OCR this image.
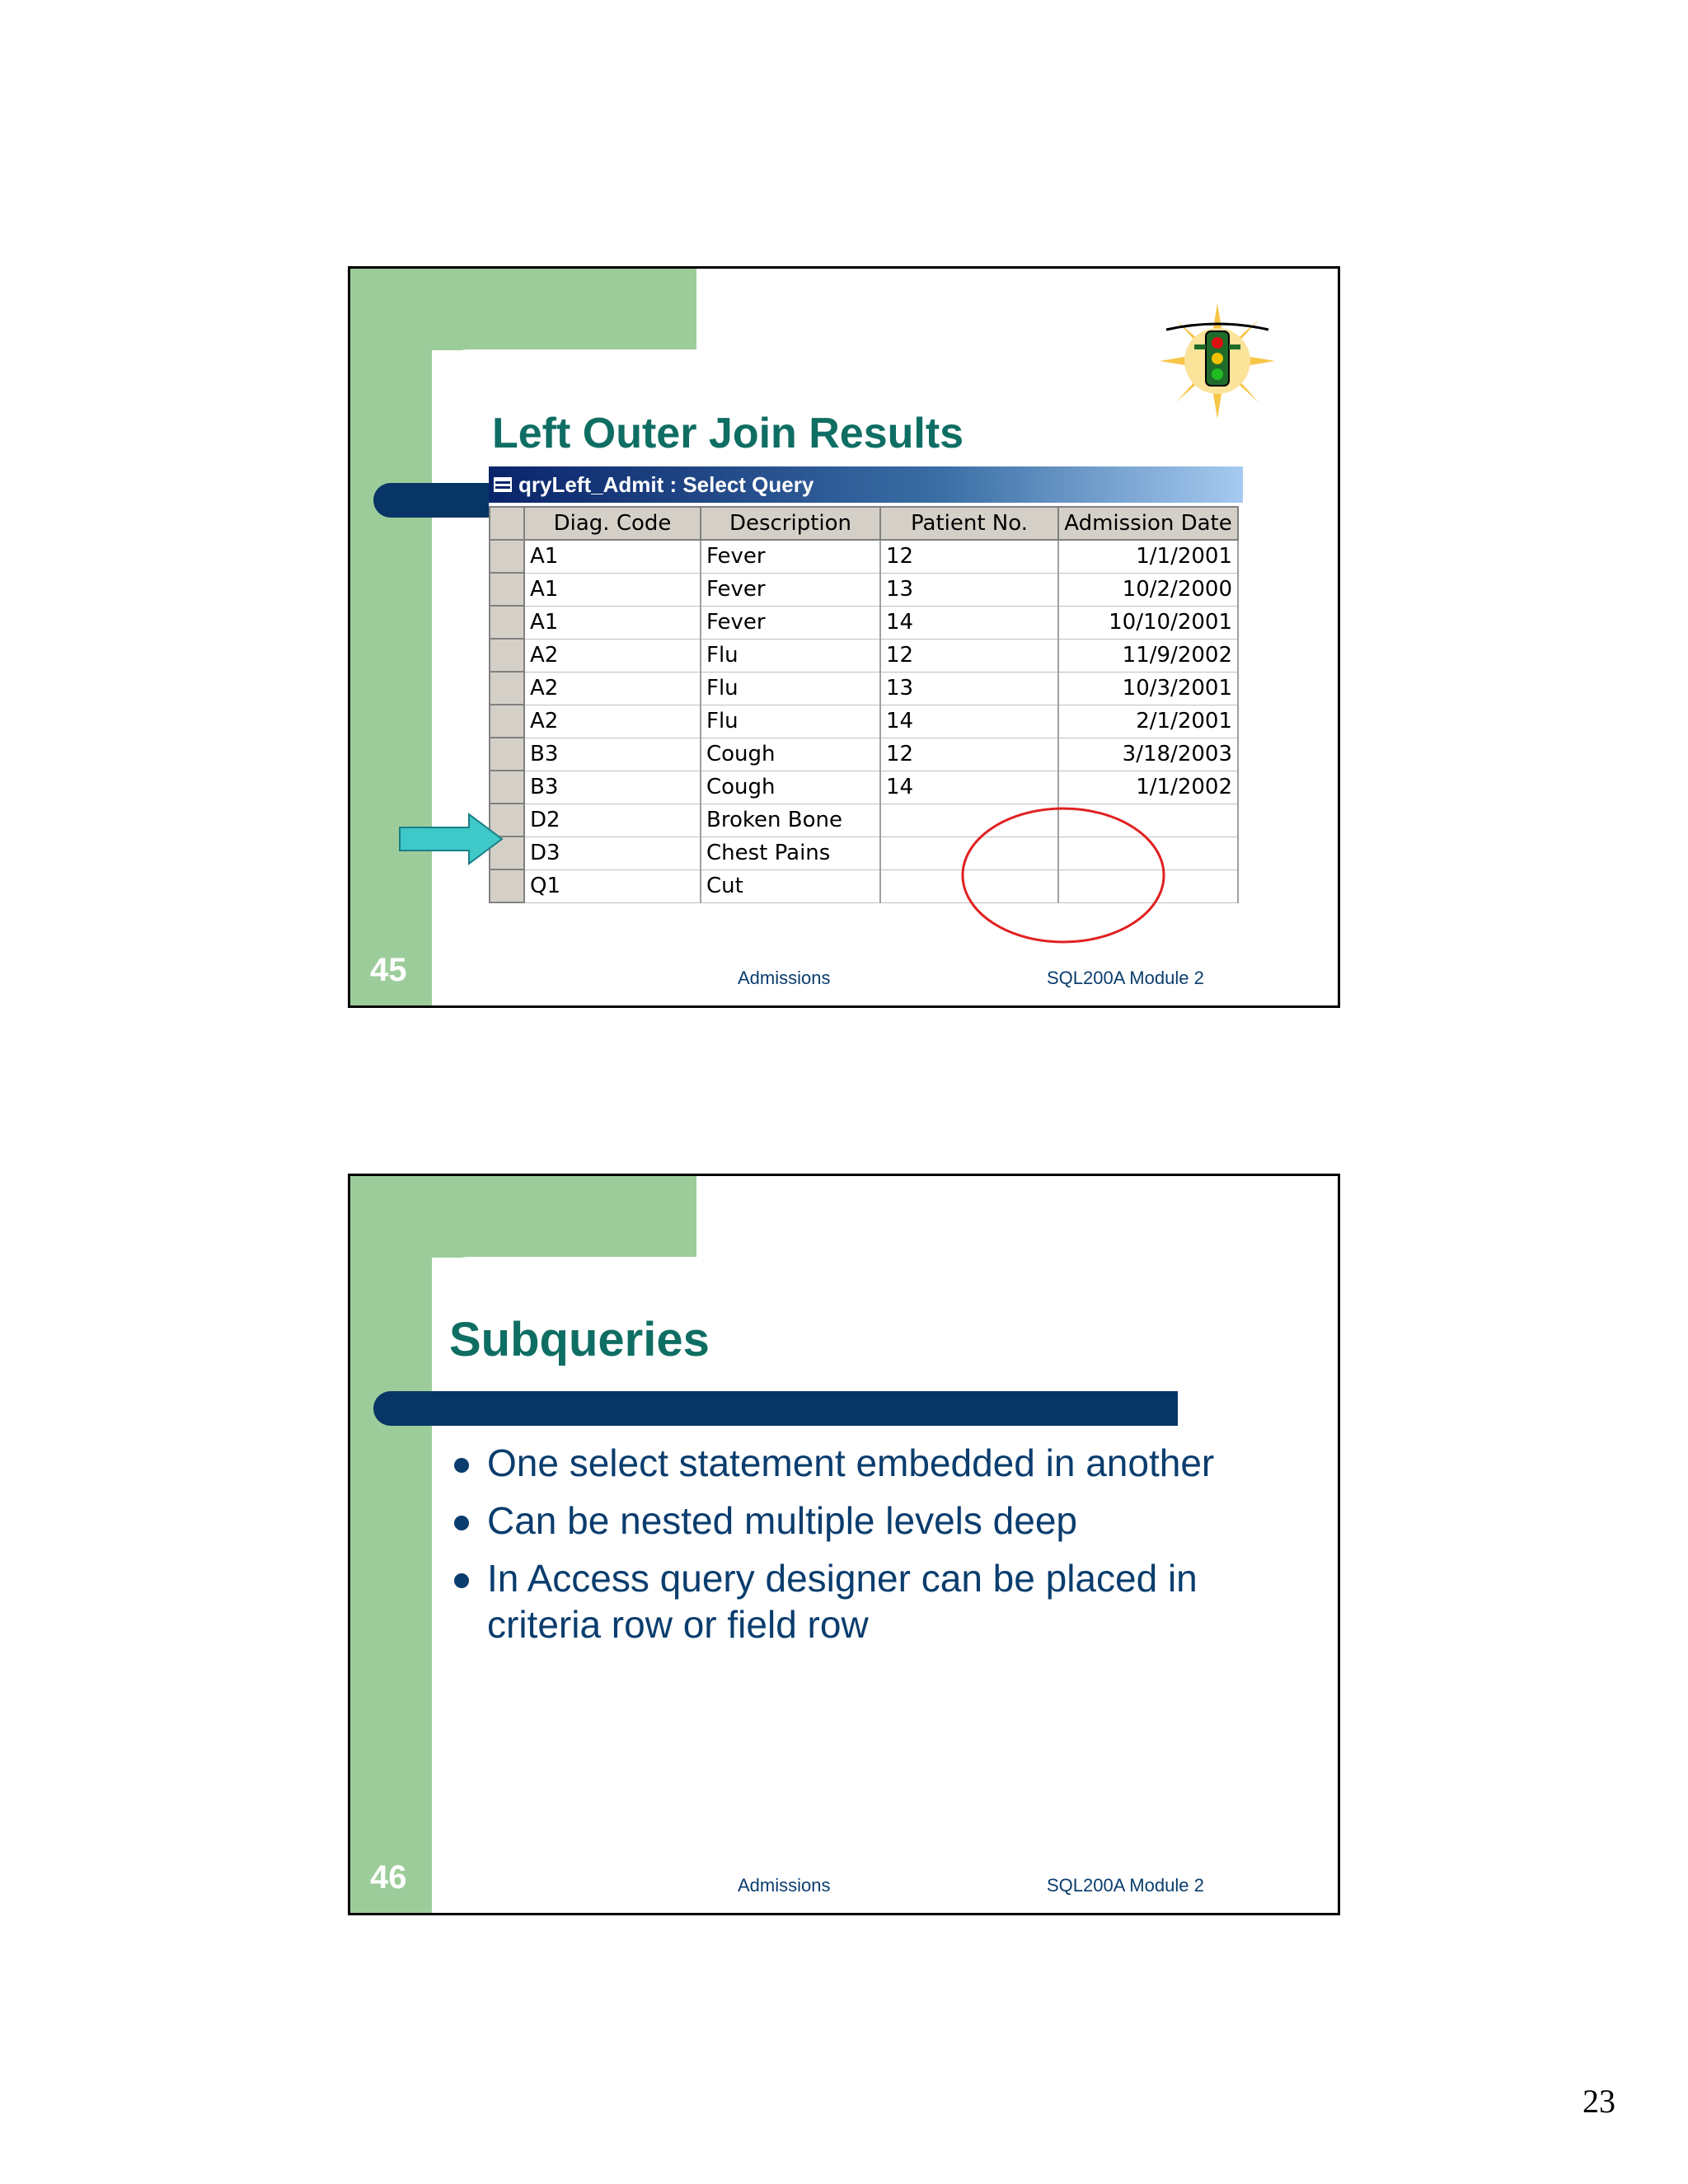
Left Outer Join Results
qryLeft_Admit : Select Query
	Diag. Code	Description	Patient No.	Admission Date
	A1	Fever	12	1/1/2001
	A1	Fever	13	10/2/2000
	A1	Fever	14	10/10/2001
	A2	Flu	12	11/9/2002
	A2	Flu	13	10/3/2001
	A2	Flu	14	2/1/2001
	B3	Cough	12	3/18/2003
	B3	Cough	14	1/1/2002
	D2	Broken Bone		
	D3	Chest Pains		
	Q1	Cut		
45	Admissions	SQL200A Module 2
Subqueries
One select statement embedded in another
Can be nested multiple levels deep
In Access query designer can be placed in criteria row or field row
46	Admissions	SQL200A Module 2
23
